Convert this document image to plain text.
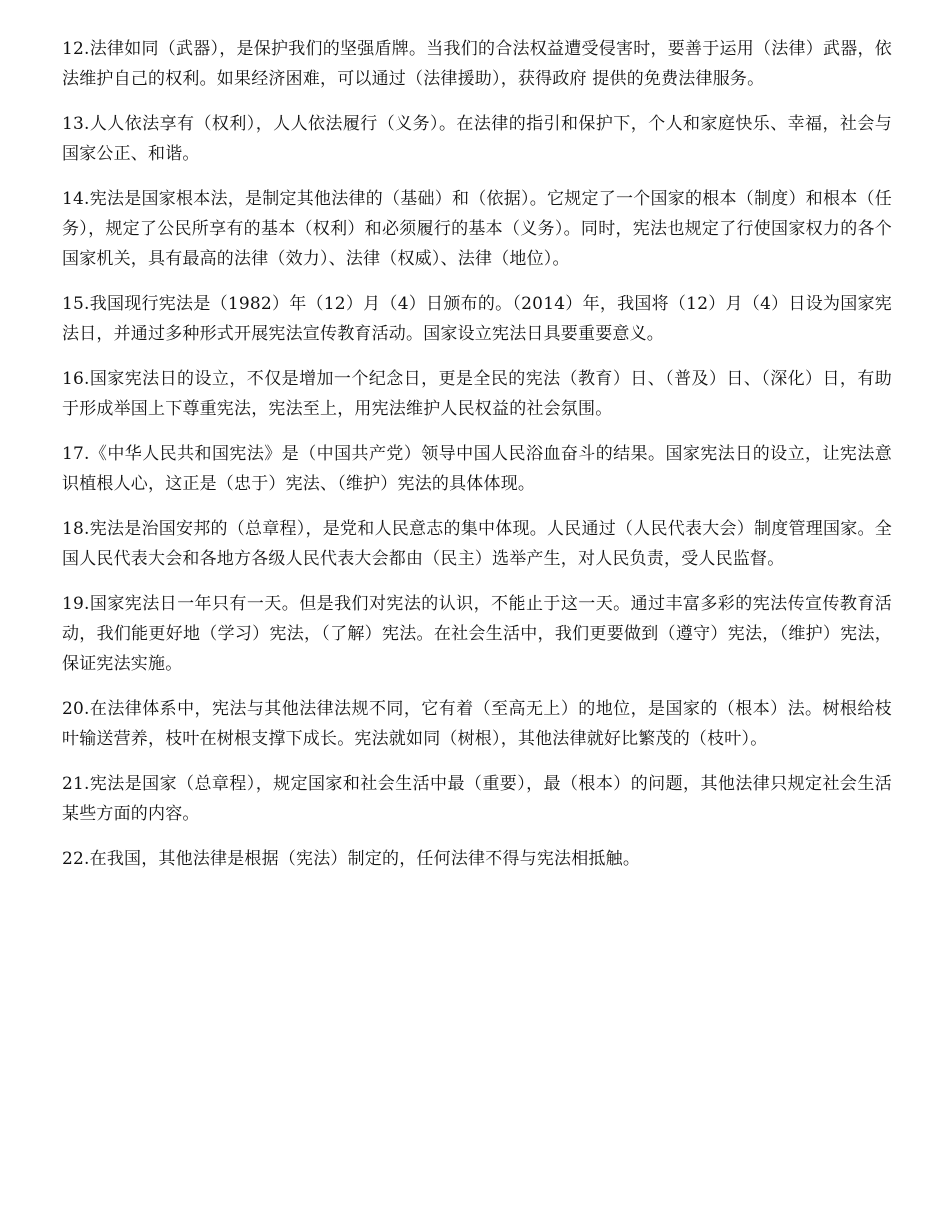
12.法律如同（武器），是保护我们的坚强盾牌。当我们的合法权益遭受侵害时，要善于运用（法律）武器，依法维护自己的权利。如果经济困难，可以通过（法律援助），获得政府 提供的免费法律服务。

13.人人依法享有（权利），人人依法履行（义务）。在法律的指引和保护下，个人和家庭快乐、幸福，社会与国家公正、和谐。

14.宪法是国家根本法，是制定其他法律的（基础）和（依据）。它规定了一个国家的根本（制度）和根本（任务），规定了公民所享有的基本（权利）和必须履行的基本（义务）。同时，宪法也规定了行使国家权力的各个国家机关，具有最高的法律（效力）、法律（权威）、法律（地位）。

15.我国现行宪法是（1982）年（12）月（4）日颁布的。（2014）年，我国将（12）月（4）日设为国家宪法日，并通过多种形式开展宪法宣传教育活动。国家设立宪法日具要重要意义。

16.国家宪法日的设立，不仅是增加一个纪念日，更是全民的宪法（教育）日、（普及）日、（深化）日，有助于形成举国上下尊重宪法，宪法至上，用宪法维护人民权益的社会氛围。

17.《中华人民共和国宪法》是（中国共产党）领导中国人民浴血奋斗的结果。国家宪法日的设立，让宪法意识植根人心，这正是（忠于）宪法、（维护）宪法的具体体现。

18.宪法是治国安邦的（总章程），是党和人民意志的集中体现。人民通过（人民代表大会）制度管理国家。全国人民代表大会和各地方各级人民代表大会都由（民主）选举产生，对人民负责，受人民监督。

19.国家宪法日一年只有一天。但是我们对宪法的认识，不能止于这一天。通过丰富多彩的宪法传宣传教育活动，我们能更好地（学习）宪法，（了解）宪法。在社会生活中，我们更要做到（遵守）宪法，（维护）宪法，保证宪法实施。

20.在法律体系中，宪法与其他法律法规不同，它有着（至高无上）的地位，是国家的（根本）法。树根给枝叶输送营养，枝叶在树根支撑下成长。宪法就如同（树根），其他法律就好比繁茂的（枝叶）。

21.宪法是国家（总章程），规定国家和社会生活中最（重要），最（根本）的问题，其他法律只规定社会生活某些方面的内容。

22.在我国，其他法律是根据（宪法）制定的，任何法律不得与宪法相抵触。
